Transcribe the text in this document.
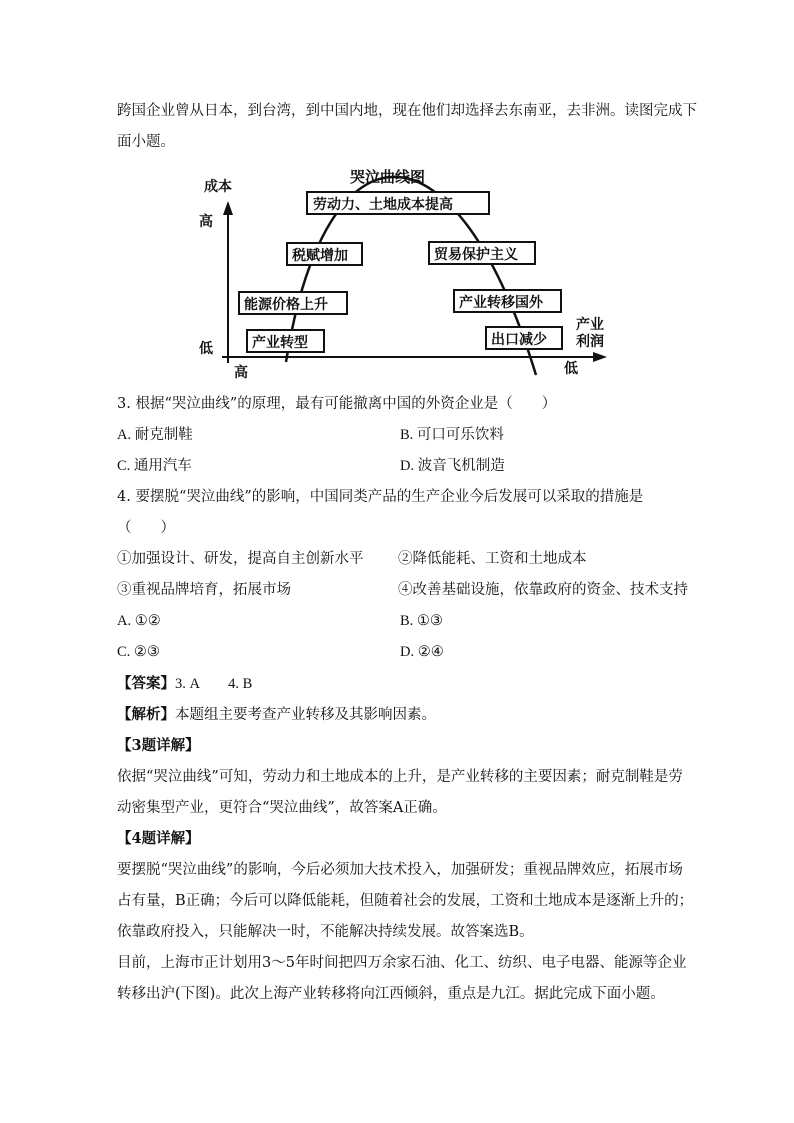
跨国企业曾从日本，到台湾，到中国内地，现在他们却选择去东南亚，去非洲。读图完成下
面小题。
哭泣曲线图
成本
高
低
产业
利润
高	低
劳动力、土地成本提高
税赋增加	贸易保护主义
能源价格上升	产业转移国外
产业转型	出口减少
3. 根据“哭泣曲线”的原理，最有可能撤离中国的外资企业是（　　）
A. 耐克制鞋	B. 可口可乐饮料
C. 通用汽车	D. 波音飞机制造
4. 要摆脱“哭泣曲线”的影响，中国同类产品的生产企业今后发展可以采取的措施是
（　　）
①加强设计、研发，提高自主创新水平 ②降低能耗、工资和土地成本
③重视品牌培育，拓展市场	④改善基础设施，依靠政府的资金、技术支持
A. ①②	B. ①③
C. ②③	D. ②④
【答案】3. A　　4. B
【解析】本题组主要考查产业转移及其影响因素。
【3题详解】
依据“哭泣曲线”可知，劳动力和土地成本的上升，是产业转移的主要因素；耐克制鞋是劳
动密集型产业，更符合“哭泣曲线”，故答案A正确。
【4题详解】
要摆脱“哭泣曲线”的影响，今后必须加大技术投入，加强研发；重视品牌效应，拓展市场
占有量，B正确；今后可以降低能耗，但随着社会的发展，工资和土地成本是逐渐上升的；
依靠政府投入，只能解决一时，不能解决持续发展。故答案选B。
目前，上海市正计划用3～5年时间把四万余家石油、化工、纺织、电子电器、能源等企业
转移出沪(下图)。此次上海产业转移将向江西倾斜，重点是九江。据此完成下面小题。
